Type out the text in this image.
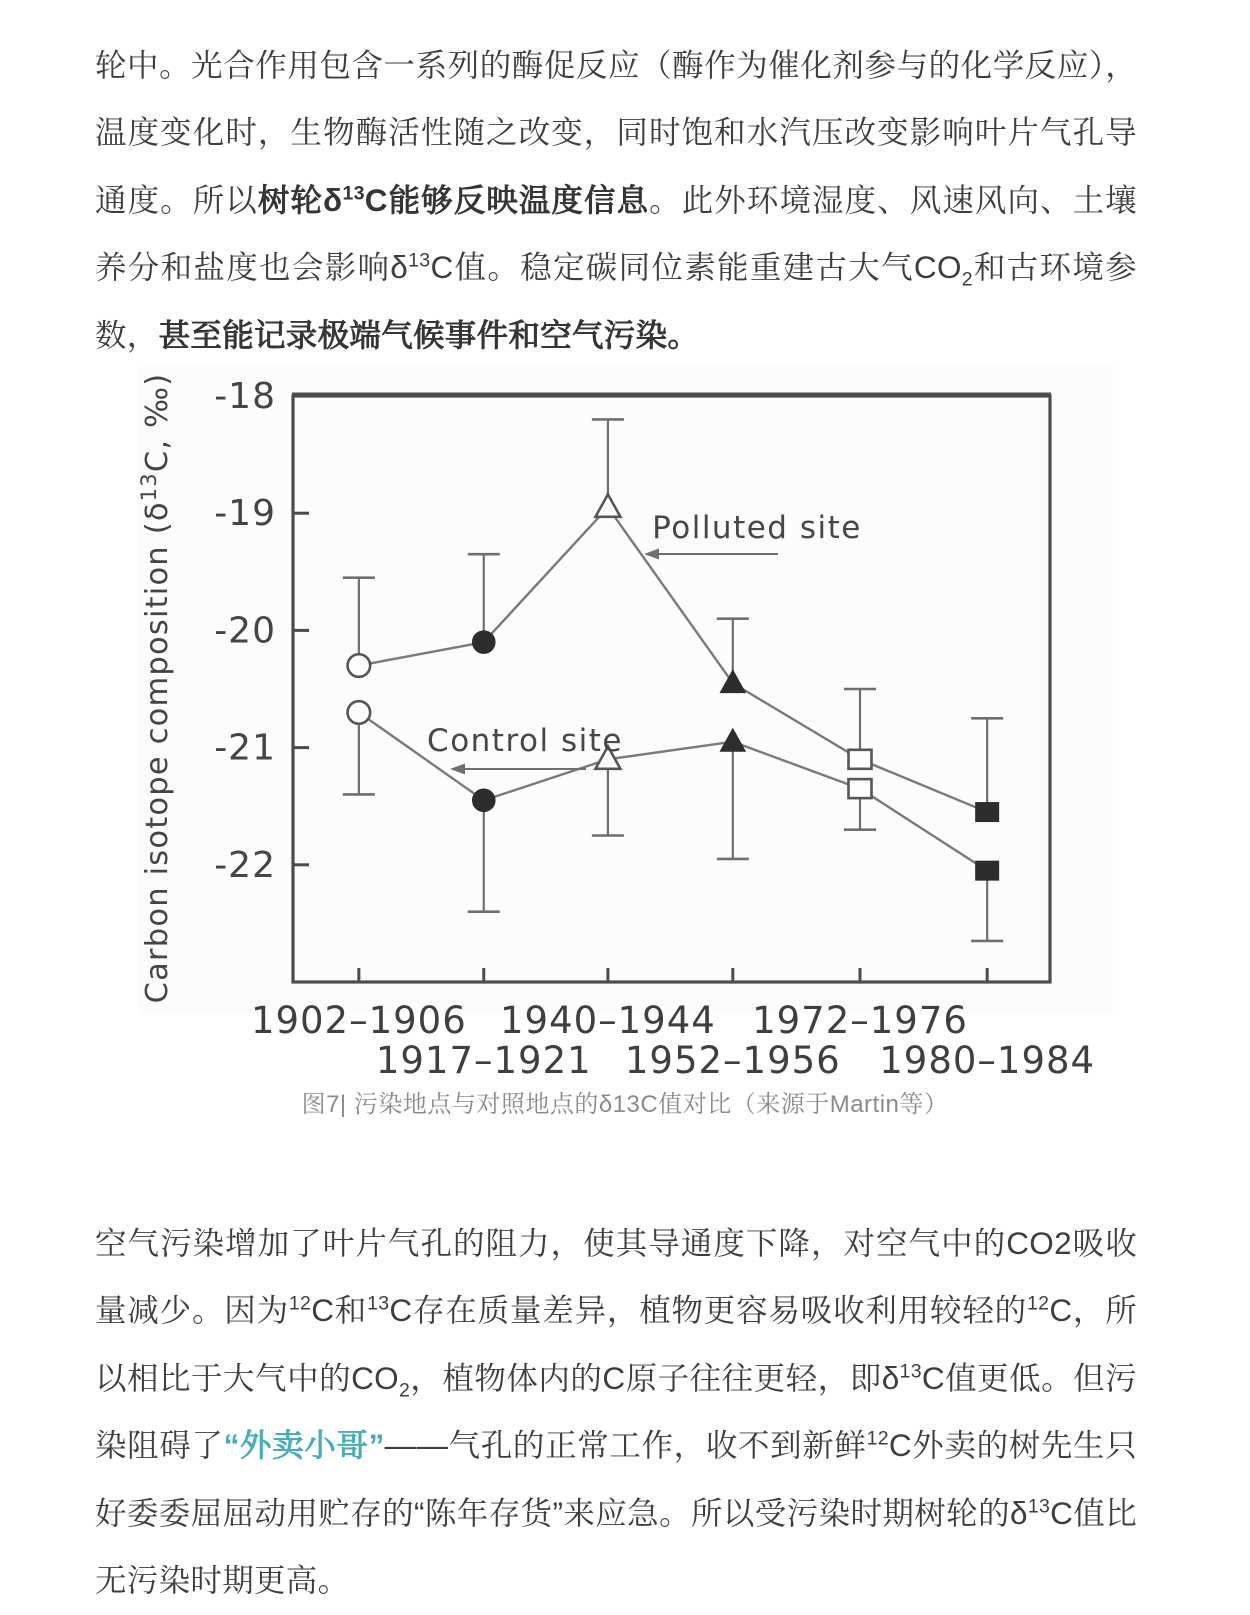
轮中。光合作用包含一系列的酶促反应（酶作为催化剂参与的化学反应），温度变化时，生物酶活性随之改变，同时饱和水汽压改变影响叶片气孔导通度。所以树轮$\delta^{13}C$能够反映温度信息。此外环境湿度、风速风向、土壤养分和盐度也会影响$\delta^{13}C$值。稳定碳同位素能重建古大气$CO_2$和古环境参数，甚至能记录极端气候事件和空气污染。

-18
-19
-20
-21
-22
Carbon isotope composition ($\delta^{13}C$, ‰)
1902–1906
1917–1921
1940–1944
1952–1956
1972–1976
1980–1984
Polluted site
Control site
图7| 污染地点与对照地点的δ13C值对比（来源于Martin等）

空气污染增加了叶片气孔的阻力，使其导通度下降，对空气中的CO2吸收量减少。因为$^{12}$C和$^{13}$C存在质量差异，植物更容易吸收利用较轻的$^{12}$C，所以相比于大气中的$CO_2$，植物体内的C原子往往更轻，即$\delta^{13}C$值更低。但污染阻碍了“外卖小哥”——气孔的正常工作，收不到新鲜$^{12}$C外卖的树先生只好委委屈屈动用贮存的“陈年存货”来应急。所以受污染时期树轮的$\delta^{13}C$值比无污染时期更高。
